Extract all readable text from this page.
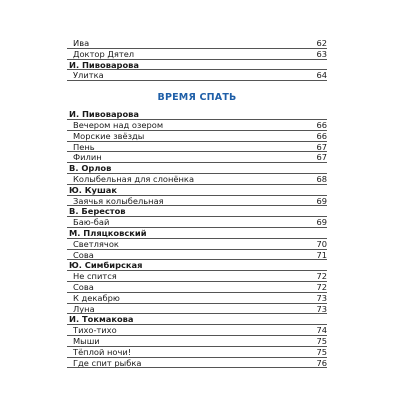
Ива	62
Доктор Дятел	63
И. Пивоварова
Улитка	64
ВРЕМЯ СПАТЬ
И. Пивоварова
Вечером над озером	66
Морские звёзды	66
Пень	67
Филин	67
В. Орлов
Колыбельная для слонёнка	68
Ю. Кушак
Заячья колыбельная	69
В. Берестов
Баю-бай	69
М. Пляцковский
Светлячок	70
Сова	71
Ю. Симбирская
Не спится	72
Сова	72
К декабрю	73
Луна	73
И. Токмакова
Тихо-тихо	74
Мыши	75
Тёплой ночи!	75
Где спит рыбка	76
